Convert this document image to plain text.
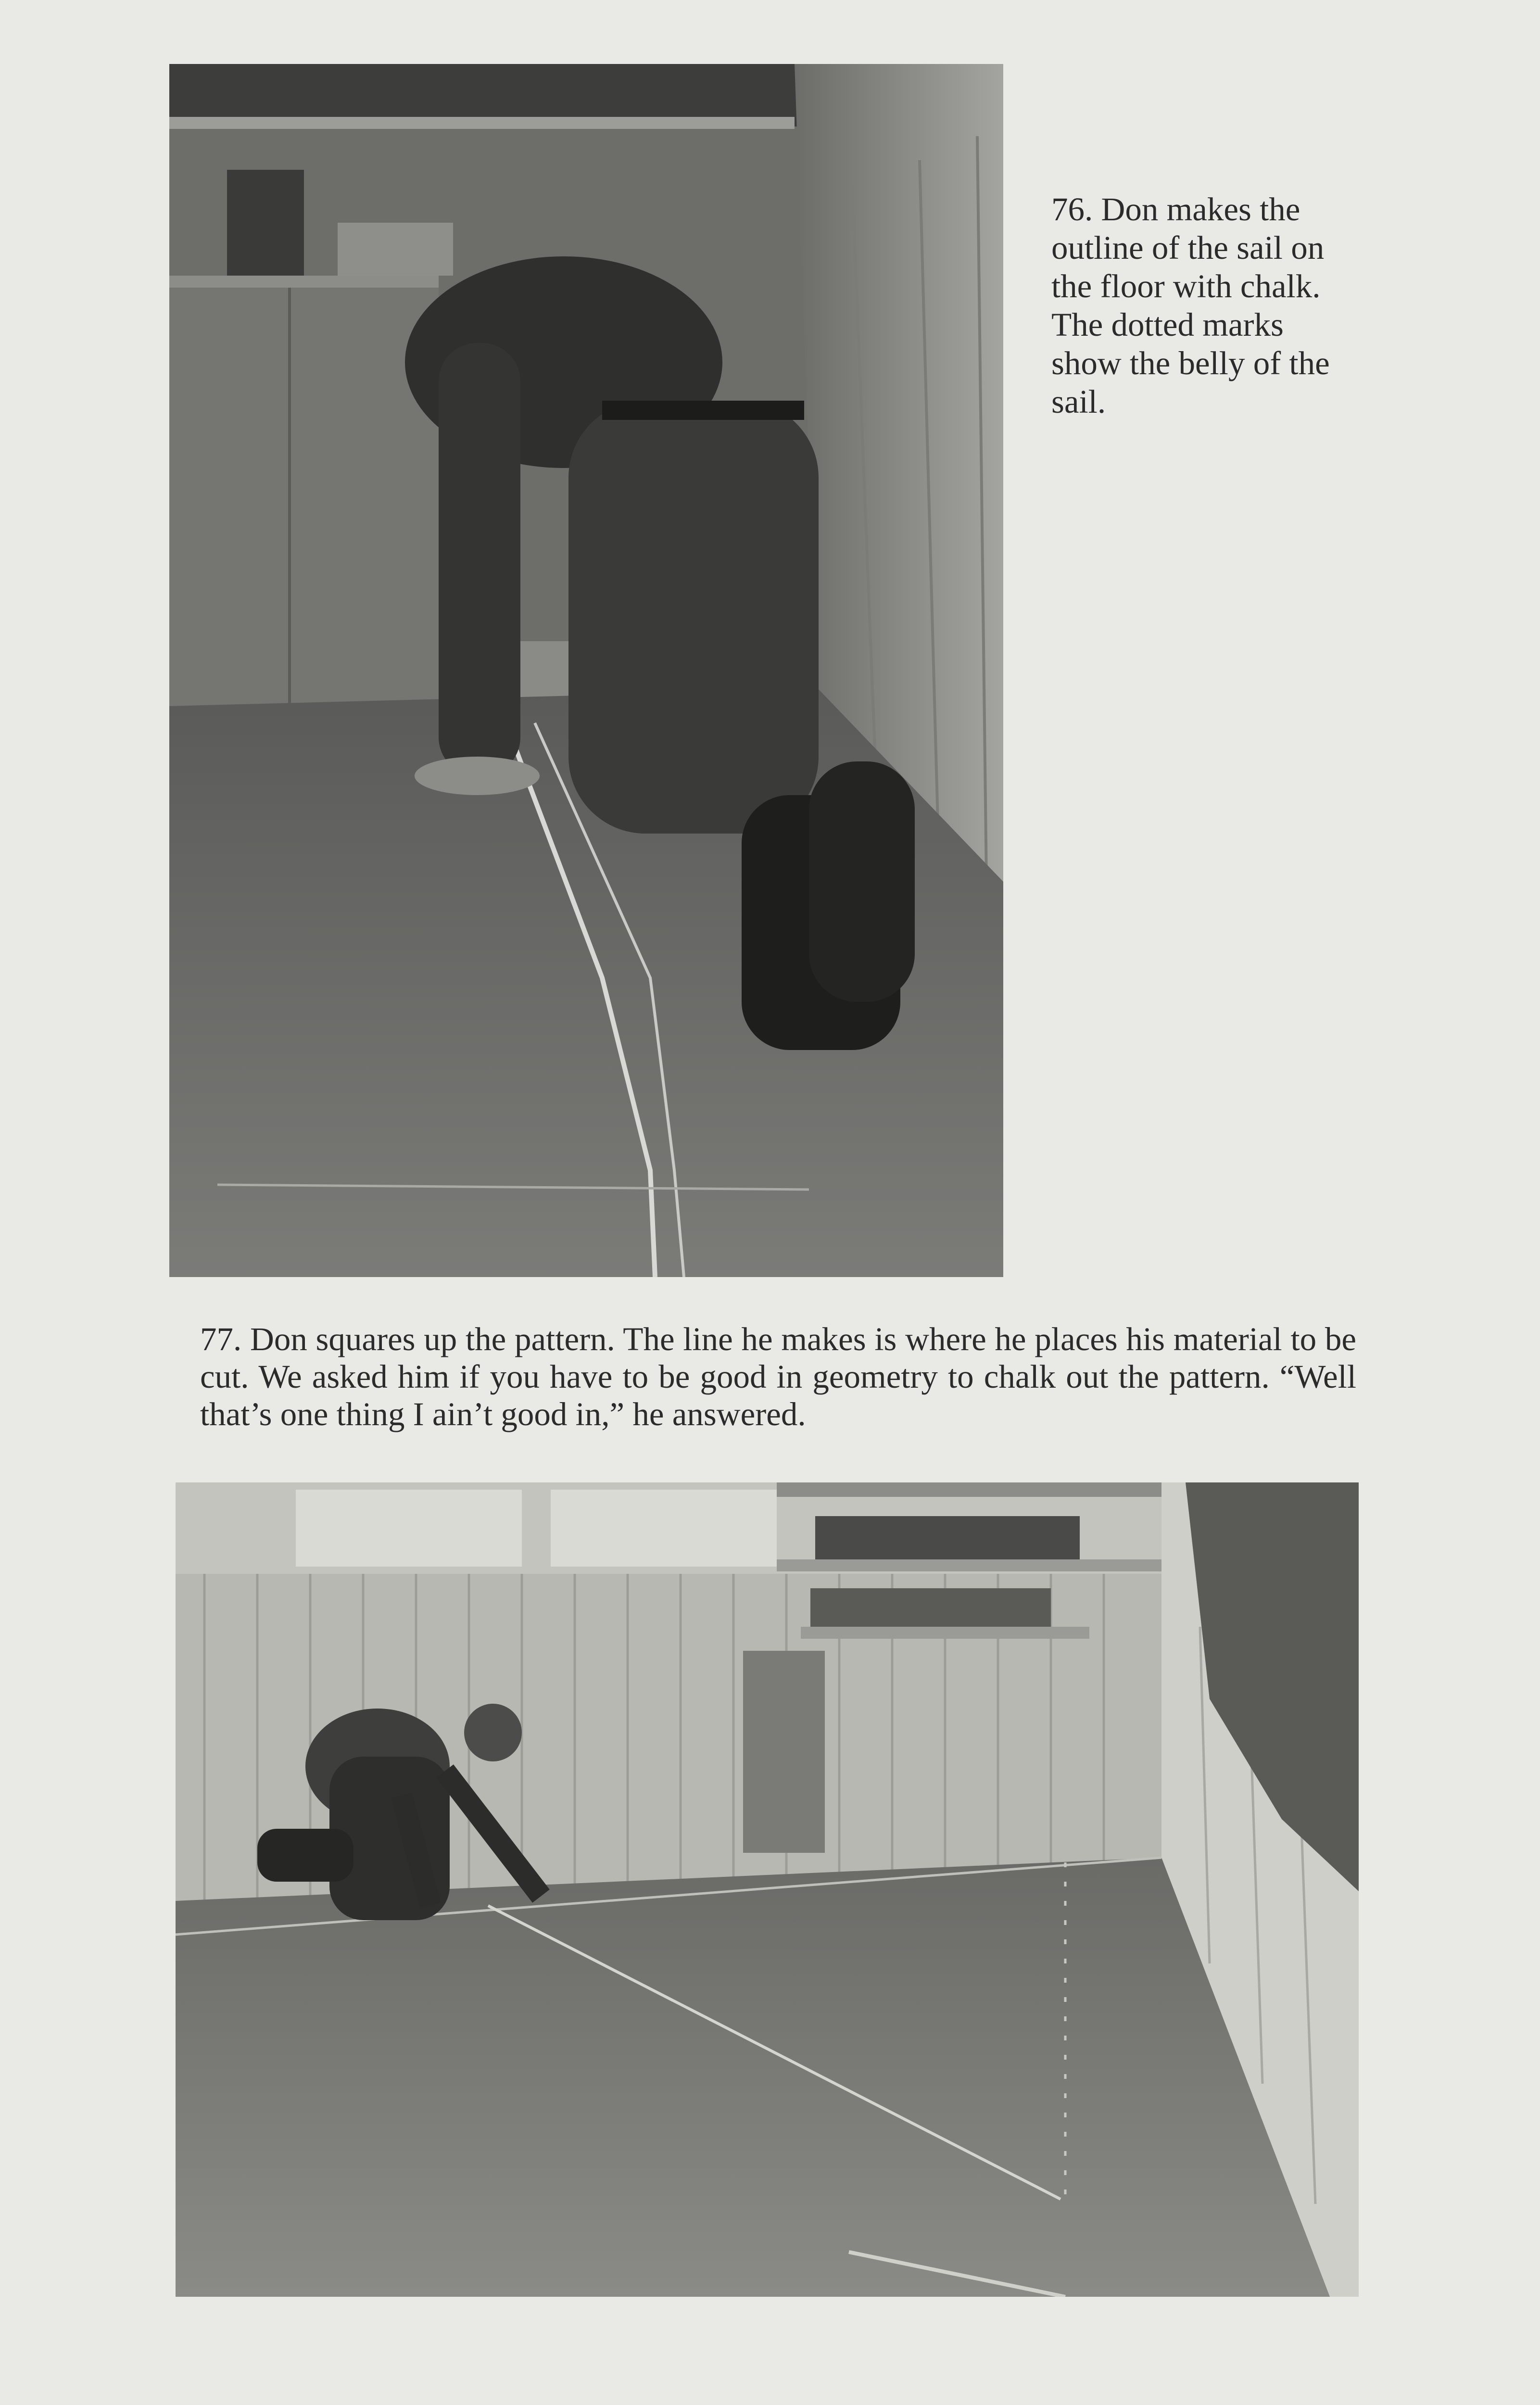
76. Don makes the outline of the sail on the floor with chalk. The dotted marks show the belly of the sail.

77. Don squares up the pattern. The line he makes is where he places his material to be cut. We asked him if you have to be good in geometry to chalk out the pattern. “Well that’s one thing I ain’t good in,” he answered.
